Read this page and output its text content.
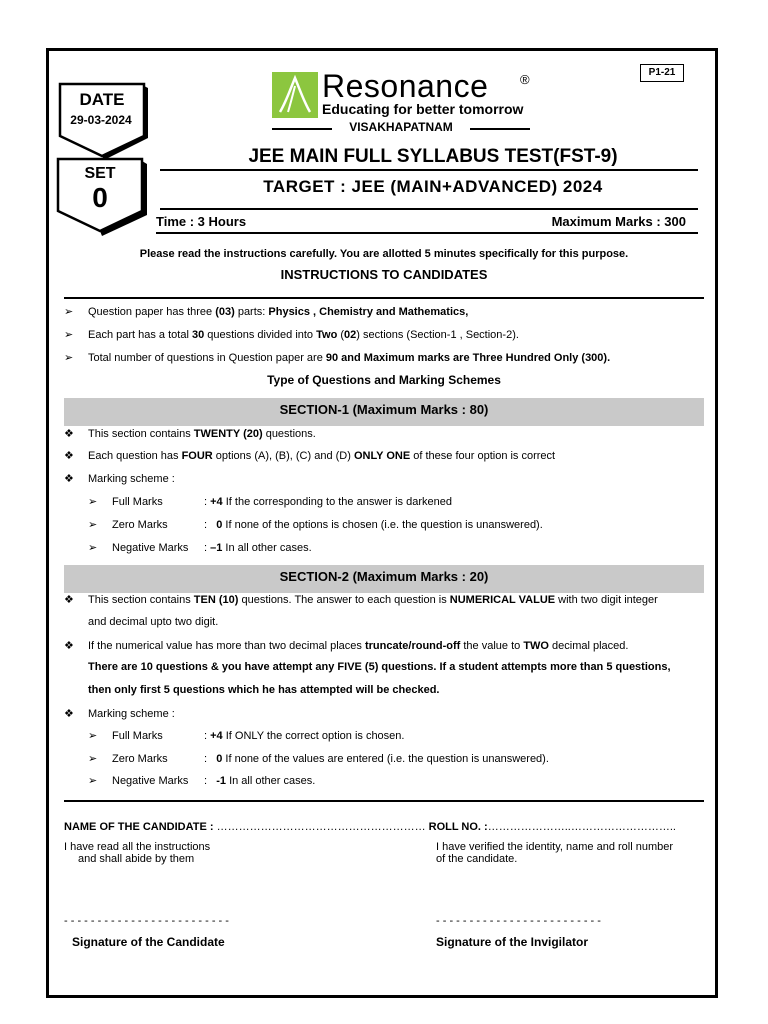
P1-21
DATE
29-03-2024
SET
0
Resonance ®
Educating for better tomorrow
VISAKHAPATNAM
JEE MAIN FULL SYLLABUS TEST(FST-9)
TARGET : JEE (MAIN+ADVANCED) 2024
Time : 3 Hours	Maximum Marks : 300
Please read the instructions carefully. You are allotted 5 minutes specifically for this purpose.
INSTRUCTIONS TO CANDIDATES
➢ Question paper has three (03) parts: Physics , Chemistry and Mathematics,
➢ Each part has a total 30 questions divided into Two (02) sections (Section-1 , Section-2).
➢ Total number of questions in Question paper are 90 and Maximum marks are Three Hundred Only (300).
Type of Questions and Marking Schemes
SECTION-1 (Maximum Marks : 80)
❖ This section contains TWENTY (20) questions.
❖ Each question has FOUR options (A), (B), (C) and (D) ONLY ONE of these four option is correct
❖ Marking scheme :
➢ Full Marks	: +4 If the corresponding to the answer is darkened
➢ Zero Marks	:   0 If none of the options is chosen (i.e. the question is unanswered).
➢ Negative Marks : –1 In all other cases.
SECTION-2 (Maximum Marks : 20)
❖ This section contains TEN (10) questions. The answer to each question is NUMERICAL VALUE with two digit integer
and decimal upto two digit.
❖ If the numerical value has more than two decimal places truncate/round-off the value to TWO decimal placed.
There are 10 questions & you have attempt any FIVE (5) questions. If a student attempts more than 5 questions,
then only first 5 questions which he has attempted will be checked.
❖ Marking scheme :
➢ Full Marks	: +4 If ONLY the correct option is chosen.
➢ Zero Marks	:   0 If none of the values are entered (i.e. the question is unanswered).
➢ Negative Marks :   -1 In all other cases.
NAME OF THE CANDIDATE : ………………………………………………… ROLL NO. :…………………..………………………..
I have read all the instructions
and shall abide by them
I have verified the identity, name and roll number
of the candidate.
- - - - - - - - - - - - - - - - - - - - - - - - -	- - - - - - - - - - - - - - - - - - - - - - - - -
Signature of the Candidate	Signature of the Invigilator
